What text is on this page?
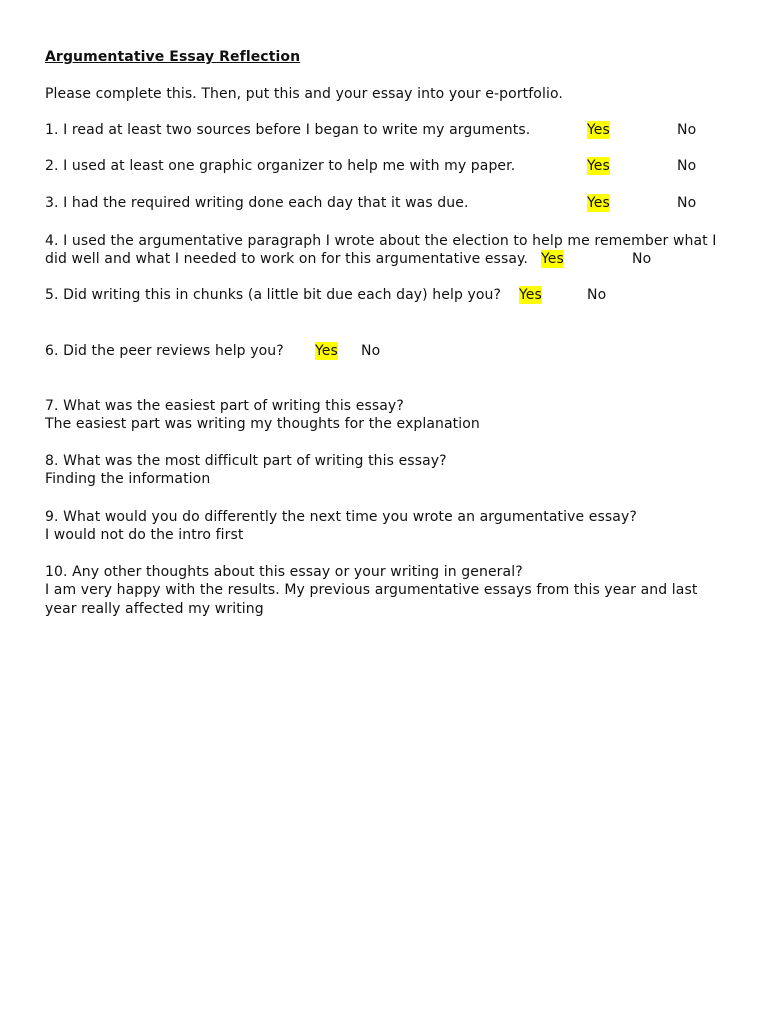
Argumentative Essay Reflection
Please complete this. Then, put this and your essay into your e-portfolio.
1. I read at least two sources before I began to write my arguments.	Yes	No
2. I used at least one graphic organizer to help me with my paper.	Yes	No
3. I had the required writing done each day that it was due.	Yes	No
4. I used the argumentative paragraph I wrote about the election to help me remember what I
did well and what I needed to work on for this argumentative essay. Yes	No
5. Did writing this in chunks (a little bit due each day) help you? Yes	No
6. Did the peer reviews help you? Yes No
7. What was the easiest part of writing this essay?
The easiest part was writing my thoughts for the explanation
8. What was the most difficult part of writing this essay?
Finding the information
9. What would you do differently the next time you wrote an argumentative essay?
I would not do the intro first
10. Any other thoughts about this essay or your writing in general?
I am very happy with the results. My previous argumentative essays from this year and last
year really affected my writing
